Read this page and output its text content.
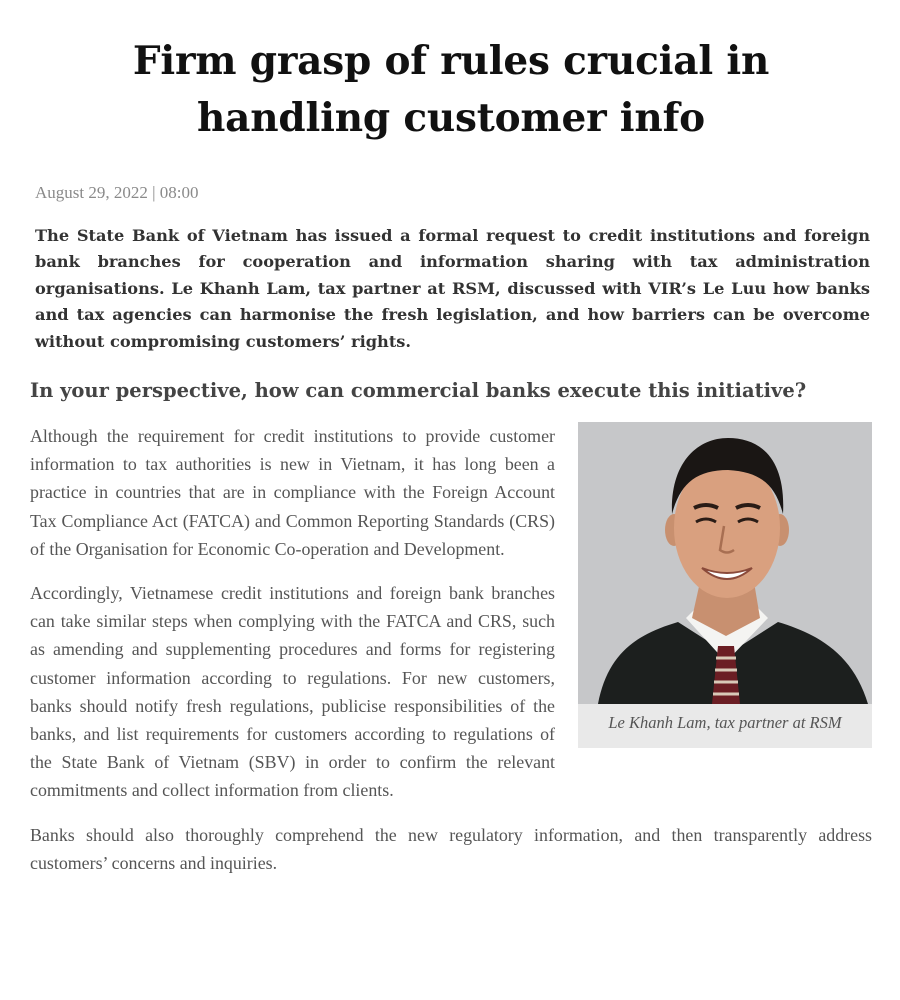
Firm grasp of rules crucial in handling customer info
August 29, 2022 | 08:00

The State Bank of Vietnam has issued a formal request to credit institutions and foreign bank branches for cooperation and information sharing with tax administration organisations. Le Khanh Lam, tax partner at RSM, discussed with VIR’s Le Luu how banks and tax agencies can harmonise the fresh legislation, and how barriers can be overcome without compromising customers’ rights.

In your perspective, how can commercial banks execute this initiative?

Le Khanh Lam, tax partner at RSM

Although the requirement for credit institutions to provide customer information to tax authorities is new in Vietnam, it has long been a practice in countries that are in compliance with the Foreign Account Tax Compliance Act (FATCA) and Common Reporting Standards (CRS) of the Organisation for Economic Co-operation and Development.

Accordingly, Vietnamese credit institutions and foreign bank branches can take similar steps when complying with the FATCA and CRS, such as amending and supplementing procedures and forms for registering customer information according to regulations. For new customers, banks should notify fresh regulations, publicise responsibilities of the banks, and list requirements for customers according to regulations of the State Bank of Vietnam (SBV) in order to confirm the relevant commitments and collect information from clients.

Banks should also thoroughly comprehend the new regulatory information, and then transparently address customers’ concerns and inquiries.
